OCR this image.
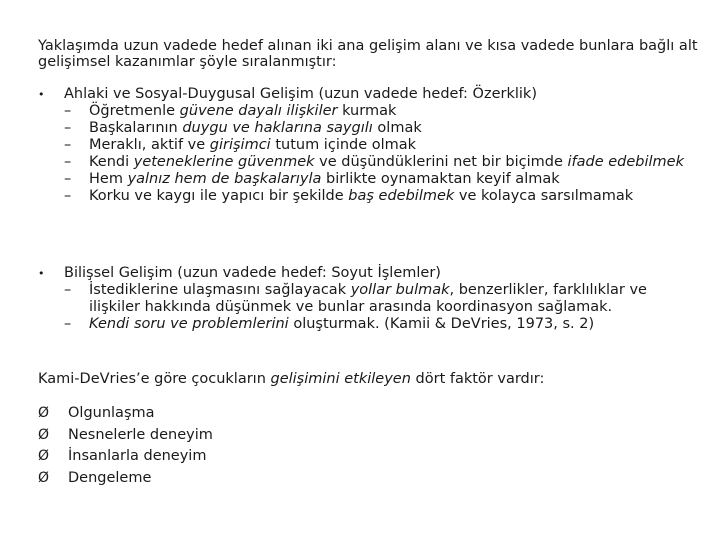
Yaklaşımda uzun vadede hedef alınan iki ana gelişim alanı ve kısa vadede bunlara bağlı alt gelişimsel kazanımlar şöyle sıralanmıştır:
•	Ahlaki ve Sosyal-Duygusal Gelişim (uzun vadede hedef: Özerklik)
–	Öğretmenle güvene dayalı ilişkiler kurmak
–	Başkalarının duygu ve haklarına saygılı olmak
–	Meraklı, aktif ve girişimci tutum içinde olmak
–	Kendi yeteneklerine güvenmek ve düşündüklerini net bir biçimde ifade edebilmek
–	Hem yalnız hem de başkalarıyla birlikte oynamaktan keyif almak
–	Korku ve kaygı ile yapıcı bir şekilde baş edebilmek ve kolayca sarsılmamak
•	Bilişsel Gelişim (uzun vadede hedef: Soyut İşlemler)
–	İstediklerine ulaşmasını sağlayacak yollar bulmak, benzerlikler, farklılıklar ve ilişkiler hakkında düşünmek ve bunlar arasında koordinasyon sağlamak.
–	Kendi soru ve problemlerini oluşturmak. (Kamii & DeVries, 1973, s. 2)
Kami-DeVries’e göre çocukların gelişimini etkileyen dört faktör vardır:
Ø	Olgunlaşma
Ø	Nesnelerle deneyim
Ø	İnsanlarla deneyim
Ø	Dengeleme
